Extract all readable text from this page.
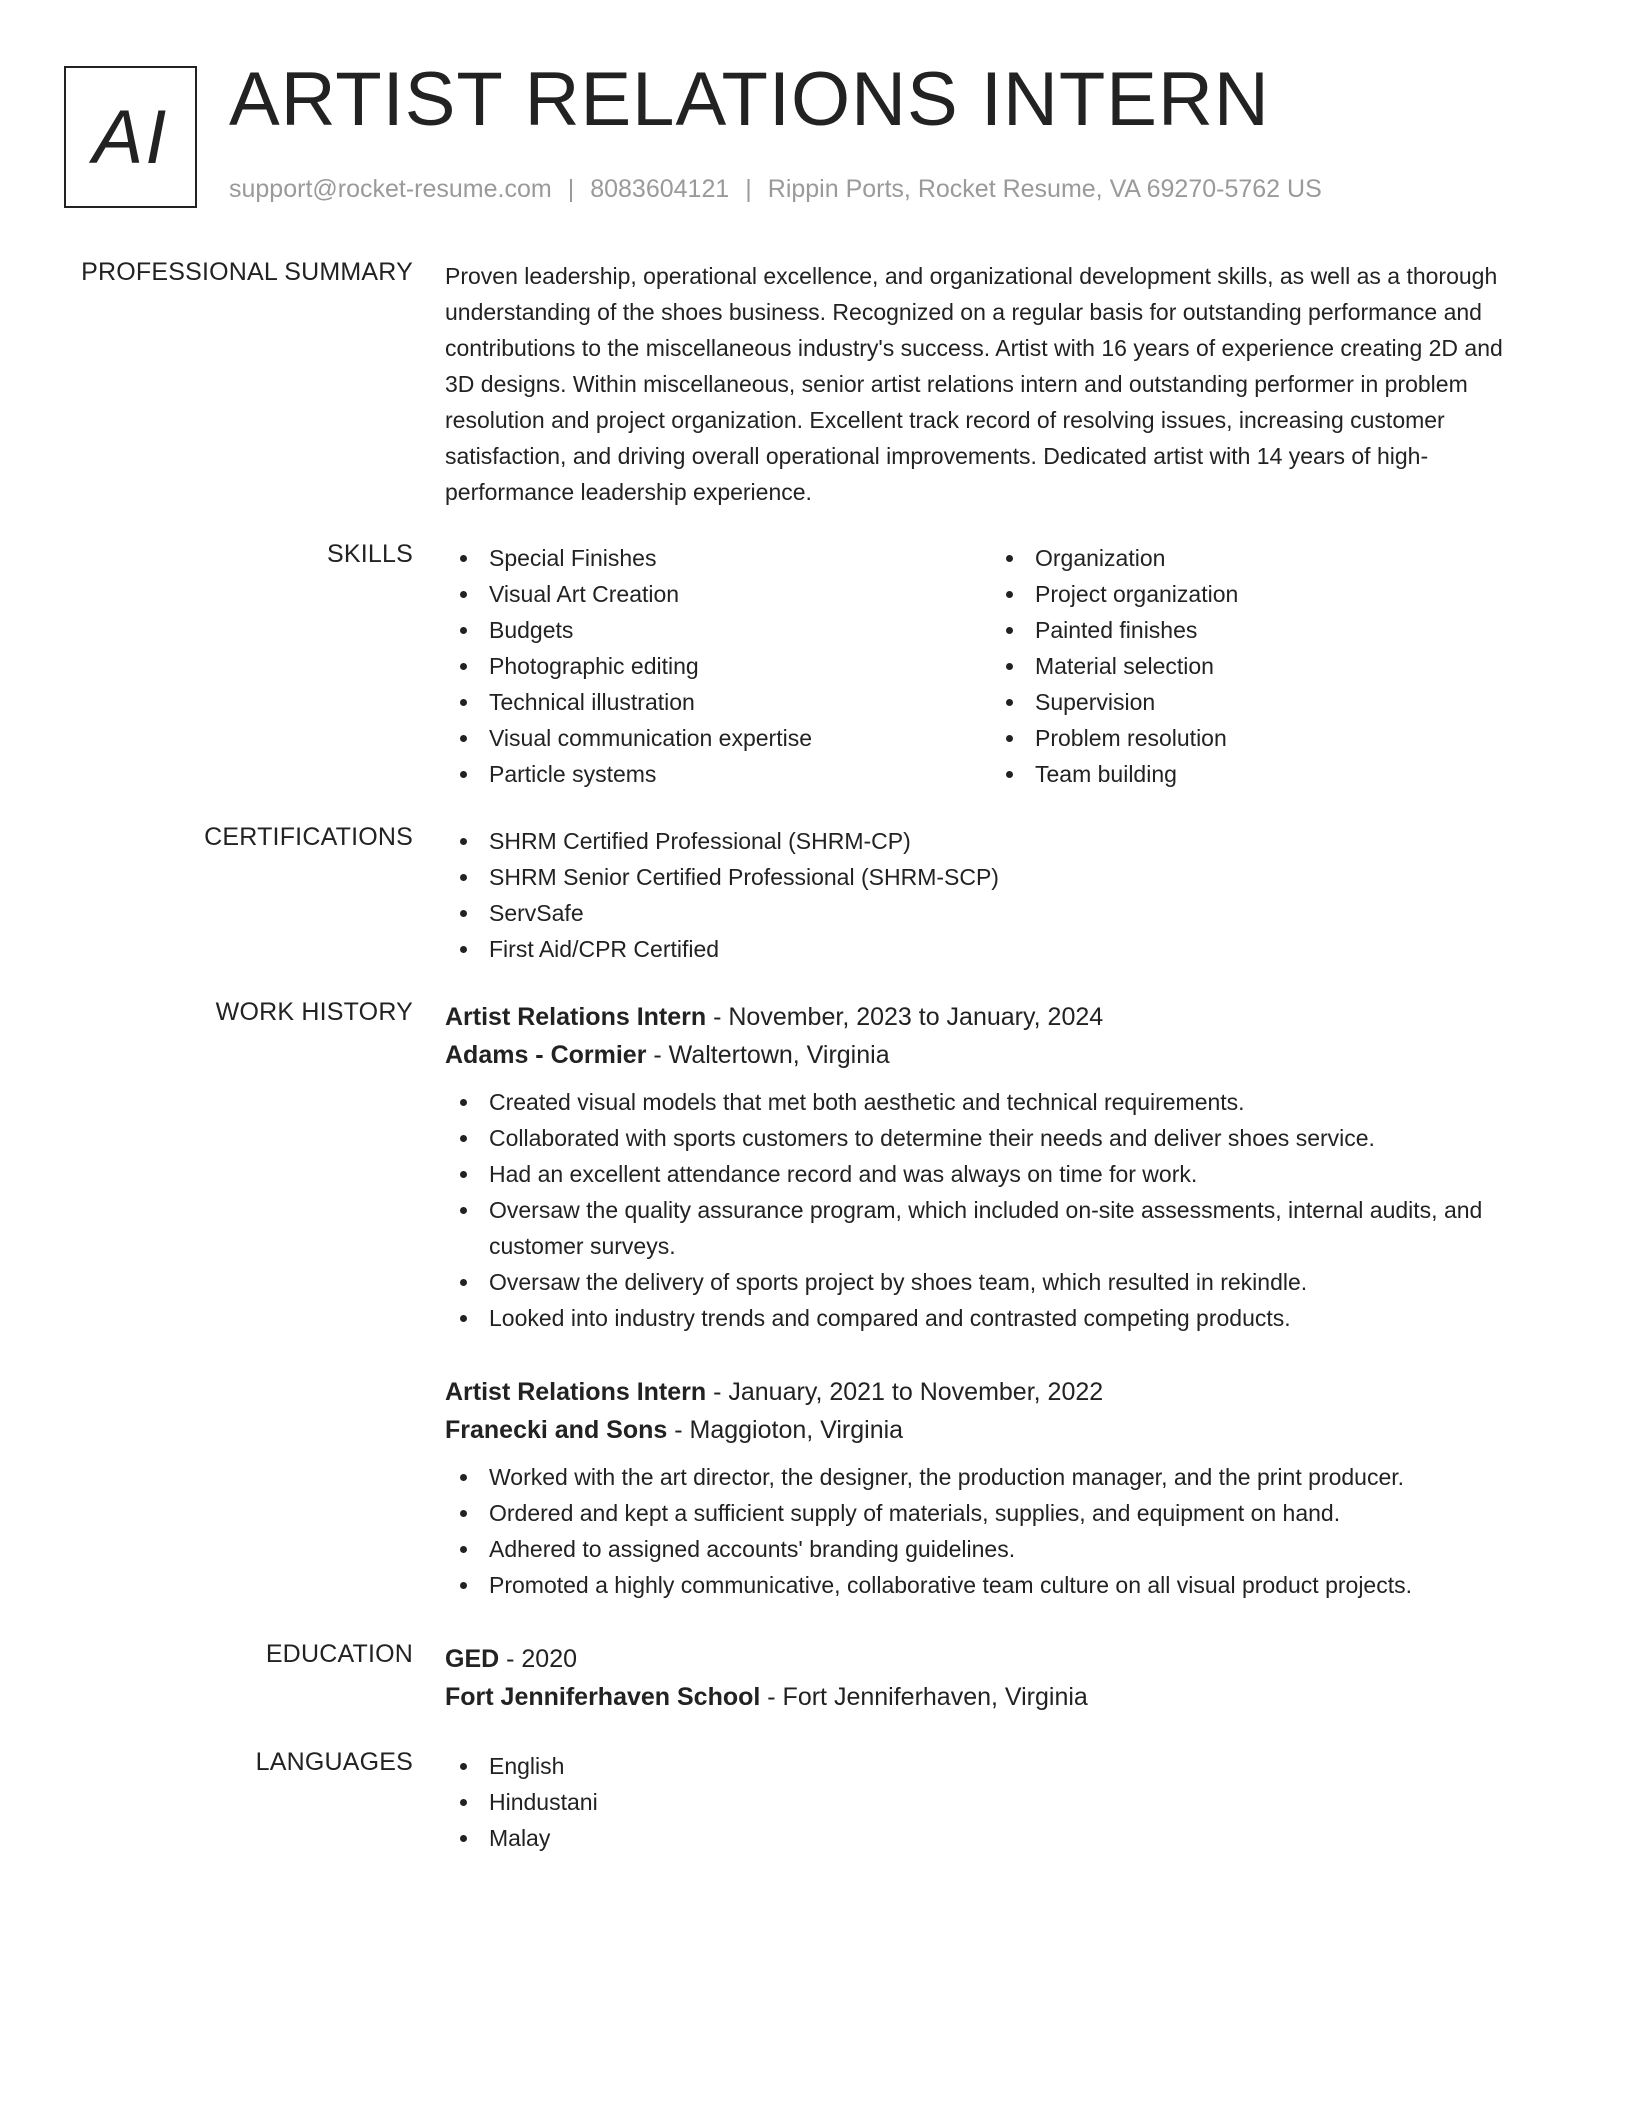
AI ARTIST RELATIONS INTERN
support@rocket-resume.com | 8083604121 | Rippin Ports, Rocket Resume, VA 69270-5762 US
PROFESSIONAL SUMMARY Proven leadership, operational excellence, and organizational development skills, as well as a thorough understanding of the shoes business. Recognized on a regular basis for outstanding performance and contributions to the miscellaneous industry's success. Artist with 16 years of experience creating 2D and 3D designs. Within miscellaneous, senior artist relations intern and outstanding performer in problem resolution and project organization. Excellent track record of resolving issues, increasing customer satisfaction, and driving overall operational improvements. Dedicated artist with 14 years of high-performance leadership experience.
SKILLS	Special Finishes
Visual Art Creation
Budgets
Photographic editing
Technical illustration
Visual communication expertise
Particle systems
Organization
Project organization
Painted finishes
Material selection
Supervision
Problem resolution
Team building
CERTIFICATIONS	SHRM Certified Professional (SHRM-CP)
SHRM Senior Certified Professional (SHRM-SCP)
ServSafe
First Aid/CPR Certified
WORK HISTORY Artist Relations Intern - November, 2023 to January, 2024
Adams - Cormier - Waltertown, Virginia
Created visual models that met both aesthetic and technical requirements.
Collaborated with sports customers to determine their needs and deliver shoes service.
Had an excellent attendance record and was always on time for work.
Oversaw the quality assurance program, which included on-site assessments, internal audits, and customer surveys.
Oversaw the delivery of sports project by shoes team, which resulted in rekindle.
Looked into industry trends and compared and contrasted competing products.
Artist Relations Intern - January, 2021 to November, 2022
Franecki and Sons - Maggioton, Virginia
Worked with the art director, the designer, the production manager, and the print producer.
Ordered and kept a sufficient supply of materials, supplies, and equipment on hand.
Adhered to assigned accounts' branding guidelines.
Promoted a highly communicative, collaborative team culture on all visual product projects.
EDUCATION GED - 2020
Fort Jenniferhaven School - Fort Jenniferhaven, Virginia
LANGUAGES	English
Hindustani
Malay
